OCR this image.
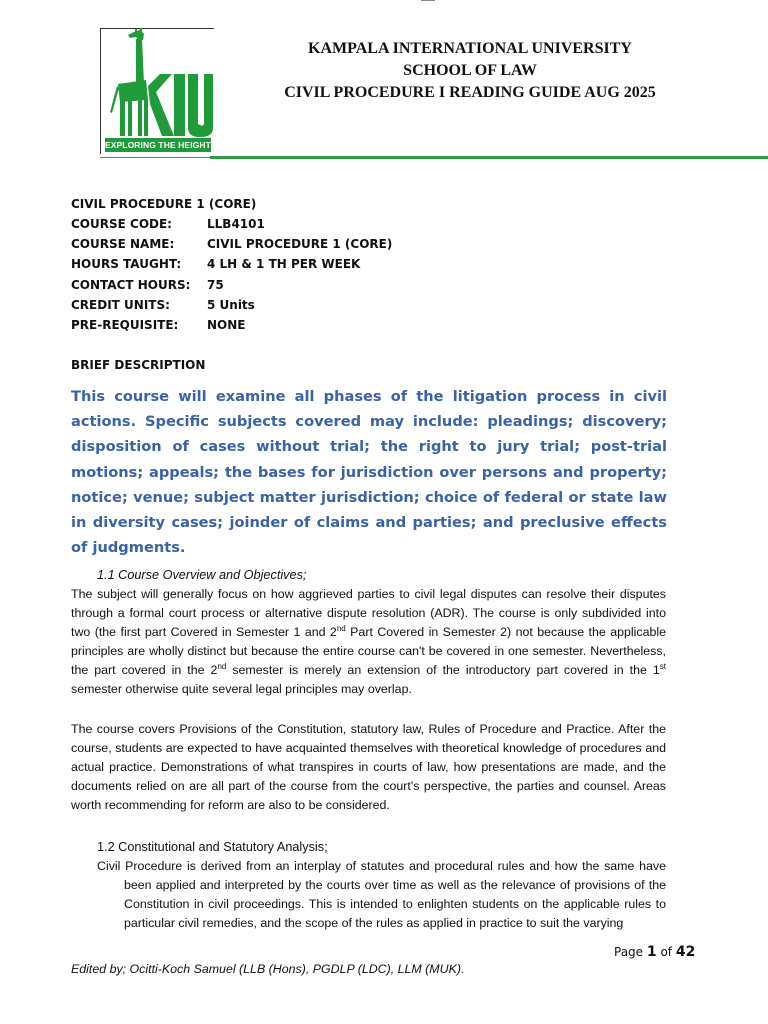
EXPLORING THE HEIGHTS
KAMPALA INTERNATIONAL UNIVERSITY
SCHOOL OF LAW
CIVIL PROCEDURE I READING GUIDE AUG 2025
CIVIL PROCEDURE 1 (CORE)
COURSE CODE:	LLB4101
COURSE NAME:	CIVIL PROCEDURE 1 (CORE)
HOURS TAUGHT:	4 LH & 1 TH PER WEEK
CONTACT HOURS:	75
CREDIT UNITS:	5 Units
PRE-REQUISITE:	NONE
BRIEF DESCRIPTION
This course will examine all phases of the litigation process in civil actions. Specific subjects covered may include: pleadings; discovery; disposition of cases without trial; the right to jury trial; post-trial motions; appeals; the bases for jurisdiction over persons and property; notice; venue; subject matter jurisdiction; choice of federal or state law in diversity cases; joinder of claims and parties; and preclusive effects of judgments.
1.1 Course Overview and Objectives;
The subject will generally focus on how aggrieved parties to civil legal disputes can resolve their disputes through a formal court process or alternative dispute resolution (ADR). The course is only subdivided into two (the first part Covered in Semester 1 and 2nd Part Covered in Semester 2) not because the applicable principles are wholly distinct but because the entire course can't be covered in one semester. Nevertheless, the part covered in the 2nd semester is merely an extension of the introductory part covered in the 1st semester otherwise quite several legal principles may overlap.
The course covers Provisions of the Constitution, statutory law, Rules of Procedure and Practice. After the course, students are expected to have acquainted themselves with theoretical knowledge of procedures and actual practice. Demonstrations of what transpires in courts of law, how presentations are made, and the documents relied on are all part of the course from the court's perspective, the parties and counsel. Areas worth recommending for reform are also to be considered.
1.2 Constitutional and Statutory Analysis;
Civil Procedure is derived from an interplay of statutes and procedural rules and how the same have been applied and interpreted by the courts over time as well as the relevance of provisions of the Constitution in civil proceedings. This is intended to enlighten students on the applicable rules to particular civil remedies, and the scope of the rules as applied in practice to suit the varying
Page 1 of 42
Edited by; Ocitti-Koch Samuel (LLB (Hons), PGDLP (LDC), LLM (MUK).
